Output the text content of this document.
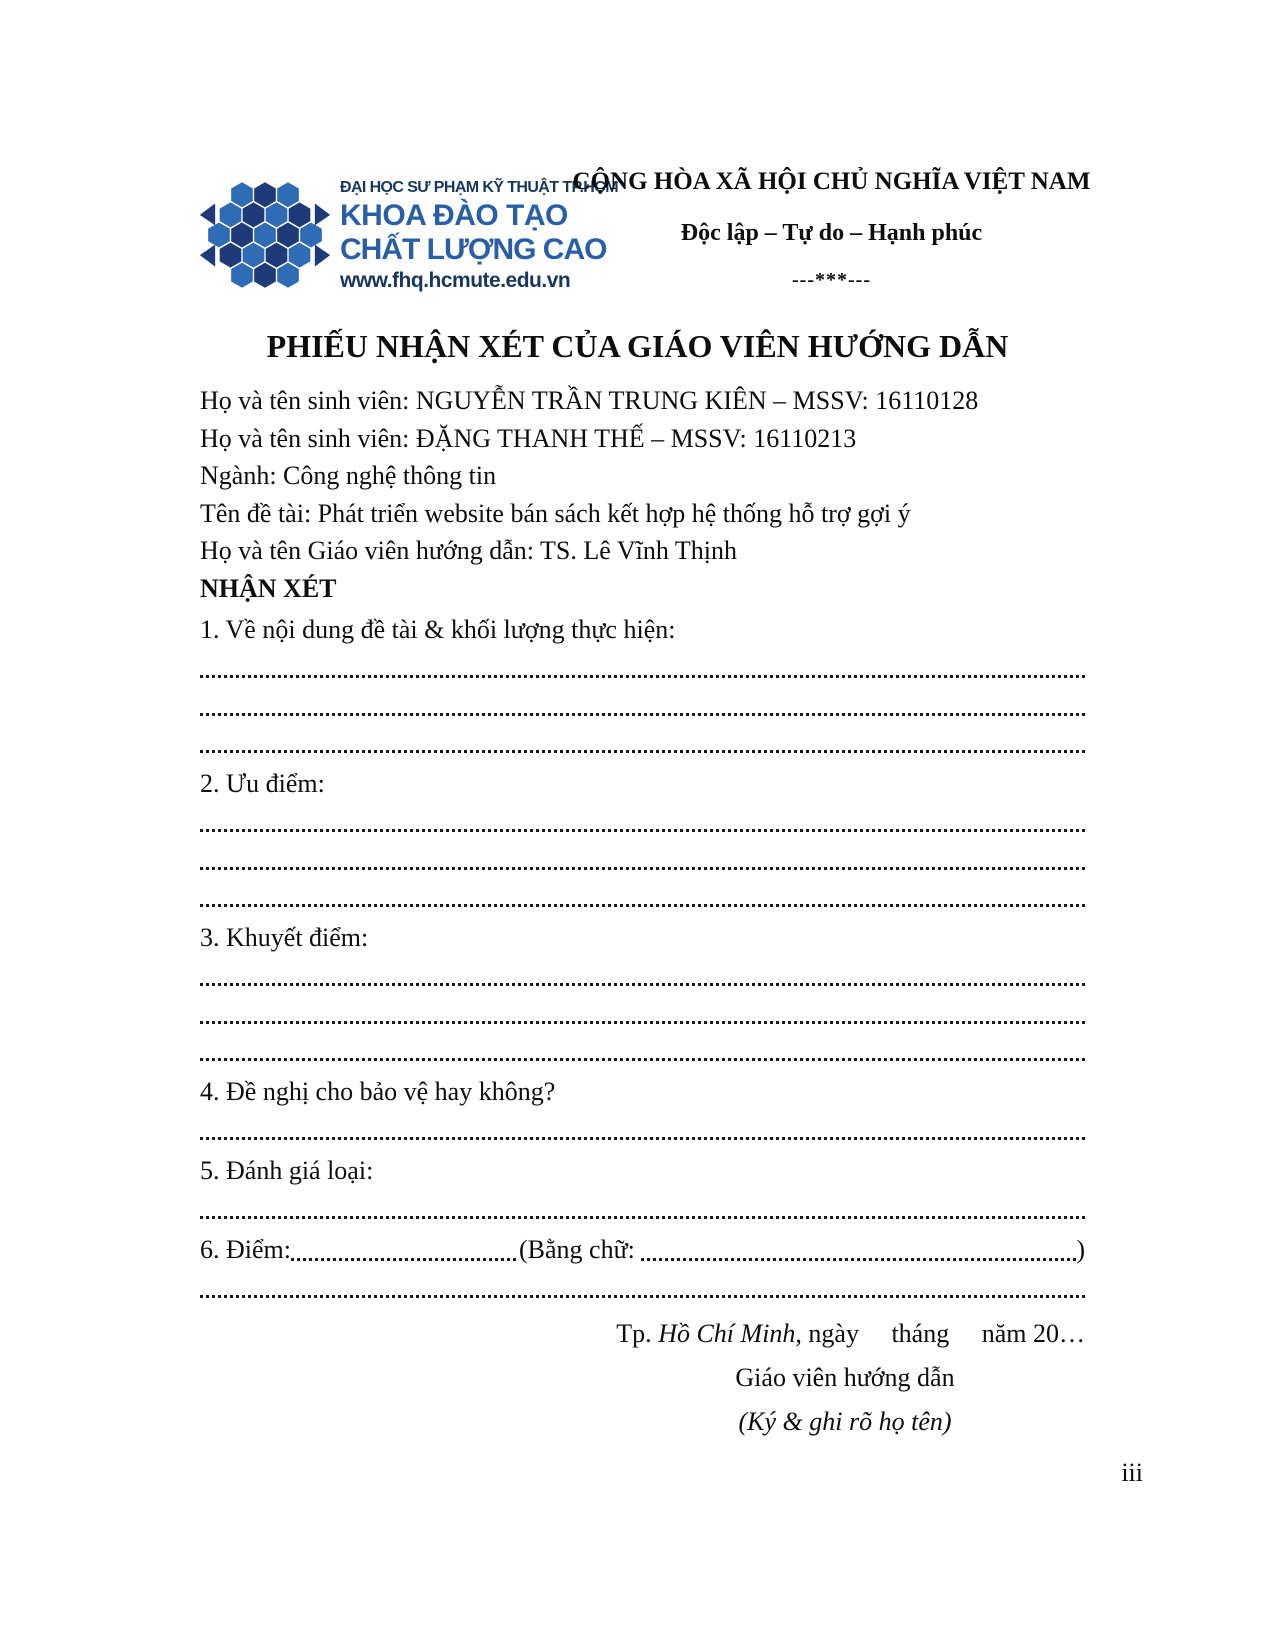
ĐẠI HỌC SƯ PHẠM KỸ THUẬT TP.HCM
KHOA ĐÀO TẠO
CHẤT LƯỢNG CAO
www.fhq.hcmute.edu.vn
CỘNG HÒA XÃ HỘI CHỦ NGHĨA VIỆT NAM
Độc lập – Tự do – Hạnh phúc
---***---
PHIẾU NHẬN XÉT CỦA GIÁO VIÊN HƯỚNG DẪN
Họ và tên sinh viên: NGUYỄN TRẦN TRUNG KIÊN – MSSV: 16110128
Họ và tên sinh viên: ĐẶNG THANH THẾ – MSSV: 16110213
Ngành: Công nghệ thông tin
Tên đề tài: Phát triển website bán sách kết hợp hệ thống hỗ trợ gợi ý
Họ và tên Giáo viên hướng dẫn: TS. Lê Vĩnh Thịnh
NHẬN XÉT
1. Về nội dung đề tài & khối lượng thực hiện:
2. Ưu điểm:
3. Khuyết điểm:
4. Đề nghị cho bảo vệ hay không?
5. Đánh giá loại:
6. Điểm:	(Bằng chữ:	)
Tp. Hồ Chí Minh, ngày     tháng     năm 20…
Giáo viên hướng dẫn
(Ký & ghi rõ họ tên)
iii
